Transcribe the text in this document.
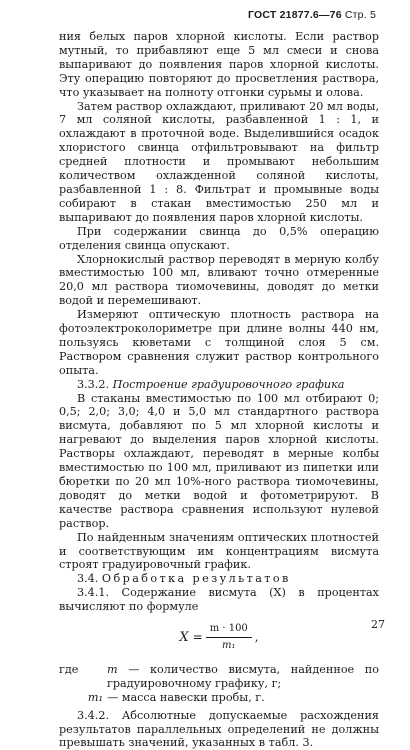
ГОСТ 21877.6—76 Стр. 5

ния белых паров хлорной кислоты. Если раствор мутный, то прибавляют еще 5 мл смеси и снова выпаривают до появления паров хлорной кислоты. Эту операцию повторяют до просветления раствора, что указывает на полноту отгонки сурьмы и олова.

Затем раствор охлаждают, приливают 20 мл воды, 7 мл соляной кислоты, разбавленной 1 : 1, и охлаждают в проточной воде. Выделившийся осадок хлористого свинца отфильтровывают на фильтр средней плотности и промывают небольшим количеством охлажденной соляной кислоты, разбавленной 1 : 8. Фильтрат и промывные воды собирают в стакан вместимостью 250 мл и выпаривают до появления паров хлорной кислоты.

При содержании свинца до 0,5% операцию отделения свинца опускают.

Хлорнокислый раствор переводят в мерную колбу вместимостью 100 мл, вливают точно отмеренные 20,0 мл раствора тиомочевины, доводят до метки водой и перемешивают.

Измеряют оптическую плотность раствора на фотоэлектроколориметре при длине волны 440 нм, пользуясь кюветами с толщиной слоя 5 см. Раствором сравнения служит раствор контрольного опыта.

3.3.2. Построение градуировочного графика

В стаканы вместимостью по 100 мл отбирают 0; 0,5; 2,0; 3,0; 4,0 и 5,0 мл стандартного раствора висмута, добавляют по 5 мл хлорной кислоты и нагревают до выделения паров хлорной кислоты. Растворы охлаждают, переводят в мерные колбы вместимостью по 100 мл, приливают из пипетки или бюретки по 20 мл 10%-ного раствора тиомочевины, доводят до метки водой и фотометрируют. В качестве раствора сравнения используют нулевой раствор.

По найденным значениям оптических плотностей и соответствующим им концентрациям висмута строят градуировочный график.

3.4. Обработка результатов

3.4.1. Содержание висмута (X) в процентах вычисляют по формуле

$X = \frac{m \cdot 100}{\text{m₁}}$ ,
где	m — количество висмута, найденное по градуировочному графику, г;
m₁ — масса навески пробы, г.

3.4.2. Абсолютные допускаемые расхождения результатов параллельных определений не должны превышать значений, указанных в табл. 3.

27
